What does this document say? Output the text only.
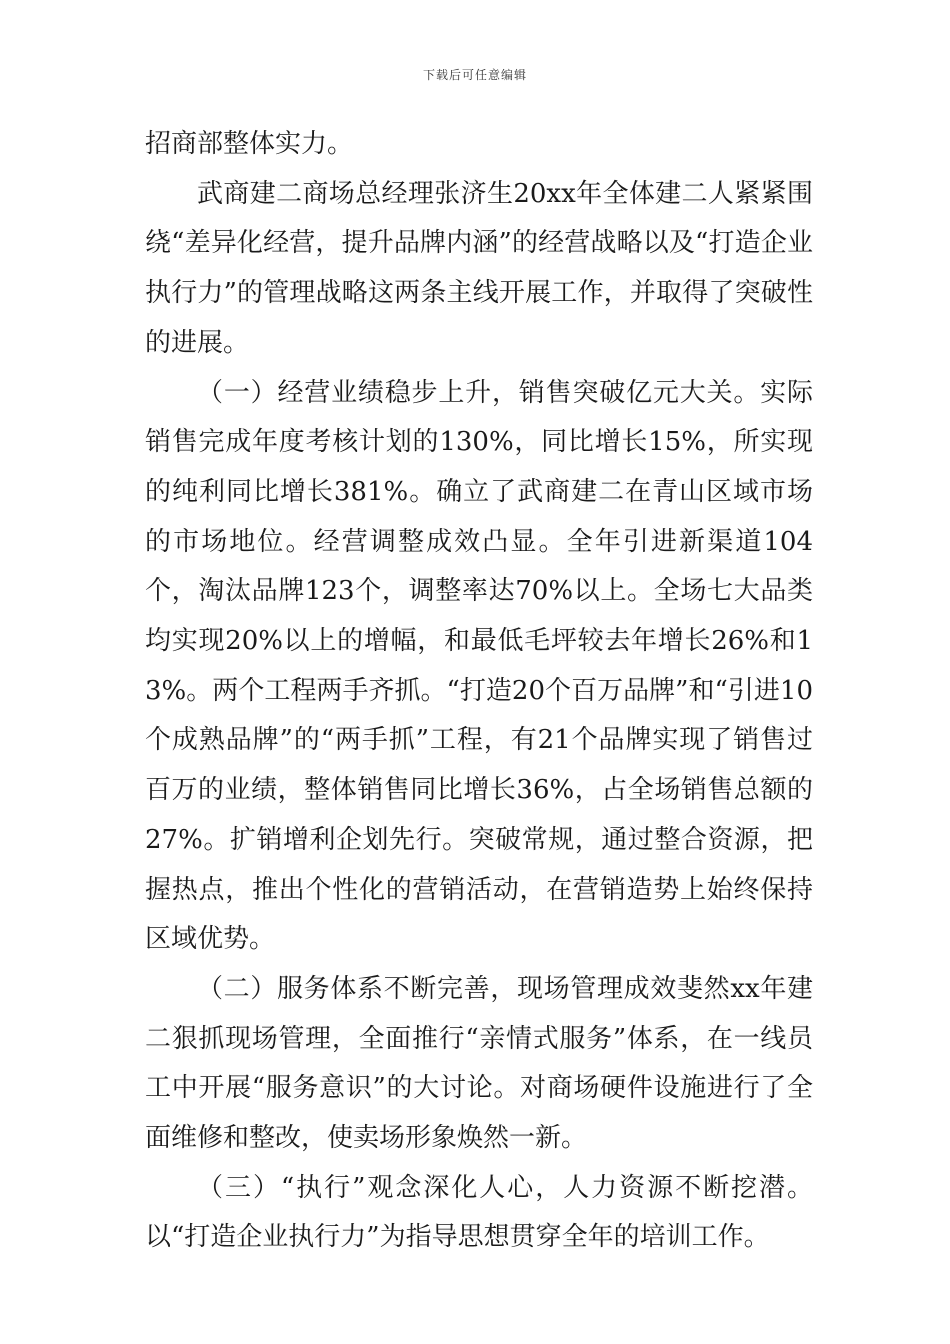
下载后可任意编辑

招商部整体实力。

武商建二商场总经理张济生20xx年全体建二人紧紧围绕“差异化经营，提升品牌内涵”的经营战略以及“打造企业执行力”的管理战略这两条主线开展工作，并取得了突破性的进展。

（一）经营业绩稳步上升，销售突破亿元大关。实际销售完成年度考核计划的130%，同比增长15%，所实现的纯利同比增长381%。确立了武商建二在青山区域市场的市场地位。经营调整成效凸显。全年引进新渠道104个，淘汰品牌123个，调整率达70%以上。全场七大品类均实现20%以上的增幅，和最低毛坪较去年增长26%和13%。两个工程两手齐抓。“打造20个百万品牌”和“引进10个成熟品牌”的“两手抓”工程，有21个品牌实现了销售过百万的业绩，整体销售同比增长36%，占全场销售总额的27%。扩销增利企划先行。突破常规，通过整合资源，把握热点，推出个性化的营销活动，在营销造势上始终保持区域优势。

（二）服务体系不断完善，现场管理成效斐然xx年建二狠抓现场管理，全面推行“亲情式服务”体系，在一线员工中开展“服务意识”的大讨论。对商场硬件设施进行了全面维修和整改，使卖场形象焕然一新。

（三）“执行”观念深化人心，人力资源不断挖潜。以“打造企业执行力”为指导思想贯穿全年的培训工作。
